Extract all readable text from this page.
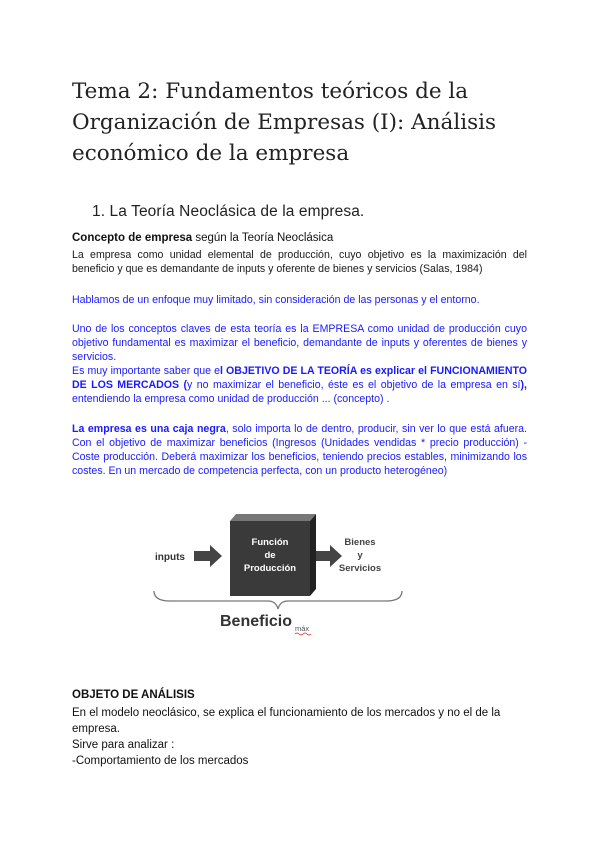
Tema 2: Fundamentos teóricos de la Organización de Empresas (I): Análisis económico de la empresa
1. La Teoría Neoclásica de la empresa.
Concepto de empresa según la Teoría Neoclásica
La empresa como unidad elemental de producción, cuyo objetivo es la maximización del beneficio y que es demandante de inputs y oferente de bienes y servicios (Salas, 1984)
Hablamos de un enfoque muy limitado, sin consideración de las personas y el entorno.
Uno de los conceptos claves de esta teoría es la EMPRESA como unidad de producción cuyo objetivo fundamental es maximizar el beneficio, demandante de inputs y oferentes de bienes y servicios.
Es muy importante saber que el OBJETIVO DE LA TEORÍA es explicar el FUNCIONAMIENTO DE LOS MERCADOS (y no maximizar el beneficio, éste es el objetivo de la empresa en sí), entendiendo la empresa como unidad de producción ... (concepto) .
La empresa es una caja negra, solo importa lo de dentro, producir, sin ver lo que está afuera. Con el objetivo de maximizar beneficios (Ingresos (Unidades vendidas * precio producción) - Coste producción. Deberá maximizar los beneficios, teniendo precios estables, minimizando los costes. En un mercado de competencia perfecta, con un producto heterogéneo)
inputs
Función
de
Producción
Bienes
y
Servicios
Beneficio máx
OBJETO DE ANÁLISIS
En el modelo neoclásico, se explica el funcionamiento de los mercados y no el de la empresa.
Sirve para analizar :
-Comportamiento de los mercados
